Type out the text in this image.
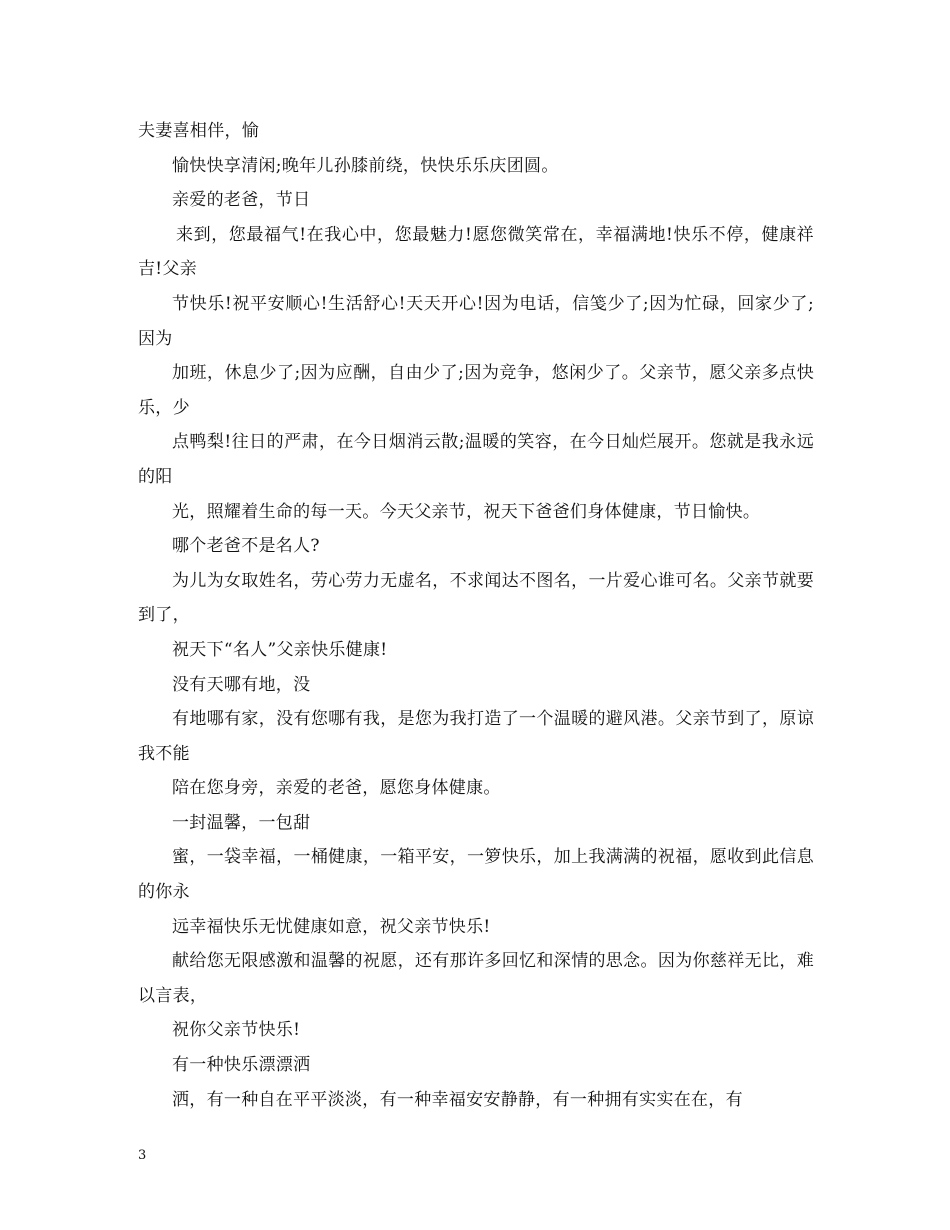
夫妻喜相伴，愉

愉快快享清闲;晚年儿孙膝前绕，快快乐乐庆团圆。

亲爱的老爸，节日

来到，您最福气!在我心中，您最魅力!愿您微笑常在，幸福满地!快乐不停，健康祥吉!父亲

节快乐!祝平安顺心!生活舒心!天天开心!因为电话，信笺少了;因为忙碌，回家少了;因为

加班，休息少了;因为应酬，自由少了;因为竞争，悠闲少了。父亲节，愿父亲多点快乐，少

点鸭梨!往日的严肃，在今日烟消云散;温暖的笑容，在今日灿烂展开。您就是我永远的阳

光，照耀着生命的每一天。今天父亲节，祝天下爸爸们身体健康，节日愉快。

哪个老爸不是名人?

为儿为女取姓名，劳心劳力无虚名，不求闻达不图名，一片爱心谁可名。父亲节就要到了，

祝天下“名人”父亲快乐健康!

没有天哪有地，没

有地哪有家，没有您哪有我，是您为我打造了一个温暖的避风港。父亲节到了，原谅我不能

陪在您身旁，亲爱的老爸，愿您身体健康。

一封温馨，一包甜

蜜，一袋幸福，一桶健康，一箱平安，一箩快乐，加上我满满的祝福，愿收到此信息的你永

远幸福快乐无忧健康如意，祝父亲节快乐!

献给您无限感激和温馨的祝愿，还有那许多回忆和深情的思念。因为你慈祥无比，难以言表，

祝你父亲节快乐!

有一种快乐漂漂洒

洒，有一种自在平平淡淡，有一种幸福安安静静，有一种拥有实实在在，有

3
